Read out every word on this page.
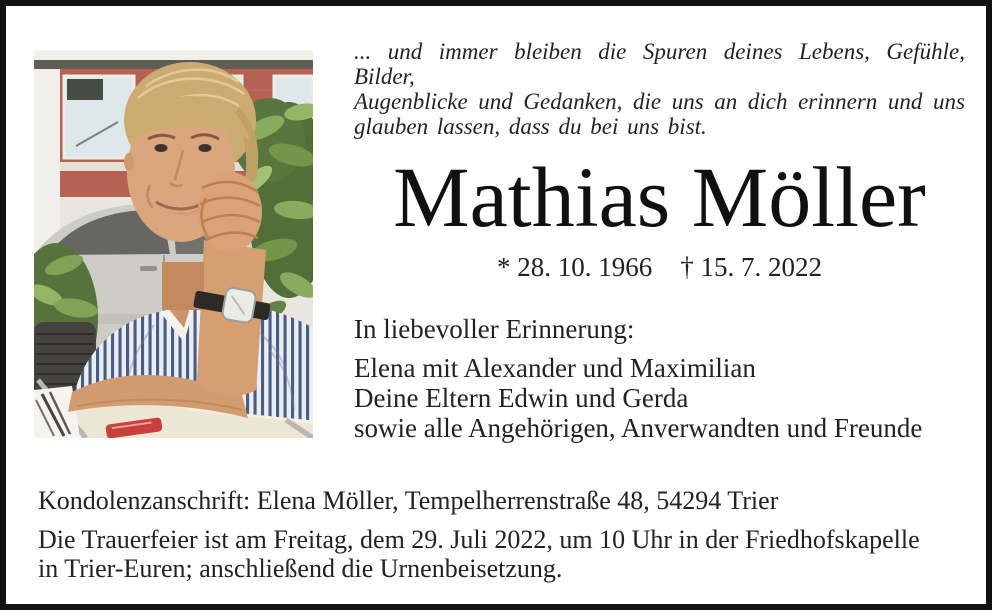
... und immer bleiben die Spuren deines Lebens, Gefühle, Bilder,
Augenblicke und Gedanken, die uns an dich erinnern und uns
glauben lassen, dass du bei uns bist.
Mathias Möller
* 28. 10. 1966 † 15. 7. 2022
In liebevoller Erinnerung:
Elena mit Alexander und Maximilian
Deine Eltern Edwin und Gerda
sowie alle Angehörigen, Anverwandten und Freunde
Kondolenzanschrift: Elena Möller, Tempelherrenstraße 48, 54294 Trier
Die Trauerfeier ist am Freitag, dem 29. Juli 2022, um 10 Uhr in der Friedhofskapelle
in Trier-Euren; anschließend die Urnenbeisetzung.
